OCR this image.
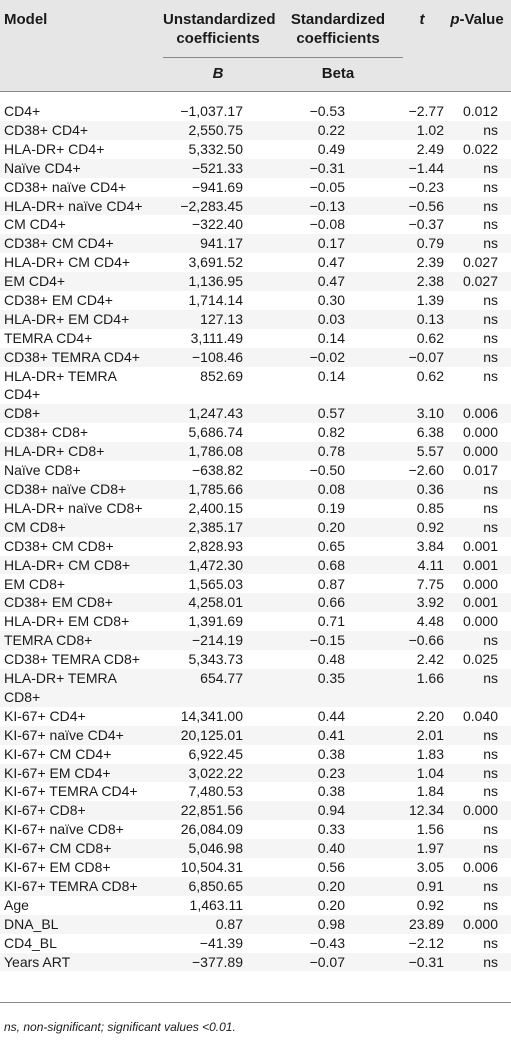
Model	Unstandardized
coefficients
Standardized
coefficients
t	p-Value
B	Beta
CD4+	−1,037.17	−0.53	−2.77 0.012
CD38+ CD4+	2,550.75	0.22	1.02	ns
HLA-DR+ CD4+	5,332.50	0.49	2.49 0.022
Naïve CD4+	−521.33	−0.31	−1.44	ns
CD38+ naïve CD4+	−941.69	−0.05	−0.23	ns
HLA-DR+ naïve CD4+	−2,283.45	−0.13	−0.56	ns
CM CD4+	−322.40	−0.08	−0.37	ns
CD38+ CM CD4+	941.17	0.17	0.79	ns
HLA-DR+ CM CD4+	3,691.52	0.47	2.39 0.027
EM CD4+	1,136.95	0.47	2.38 0.027
CD38+ EM CD4+	1,714.14	0.30	1.39	ns
HLA-DR+ EM CD4+	127.13	0.03	0.13	ns
TEMRA CD4+	3,111.49	0.14	0.62	ns
CD38+ TEMRA CD4+	−108.46	−0.02	−0.07	ns
HLA-DR+ TEMRA	852.69	0.14	0.62	ns
CD4+
CD8+	1,247.43	0.57	3.10 0.006
CD38+ CD8+	5,686.74	0.82	6.38 0.000
HLA-DR+ CD8+	1,786.08	0.78	5.57 0.000
Naïve CD8+	−638.82	−0.50	−2.60 0.017
CD38+ naïve CD8+	1,785.66	0.08	0.36	ns
HLA-DR+ naïve CD8+	2,400.15	0.19	0.85	ns
CM CD8+	2,385.17	0.20	0.92	ns
CD38+ CM CD8+	2,828.93	0.65	3.84 0.001
HLA-DR+ CM CD8+	1,472.30	0.68	4.11 0.001
EM CD8+	1,565.03	0.87	7.75 0.000
CD38+ EM CD8+	4,258.01	0.66	3.92 0.001
HLA-DR+ EM CD8+	1,391.69	0.71	4.48 0.000
TEMRA CD8+	−214.19	−0.15	−0.66	ns
CD38+ TEMRA CD8+	5,343.73	0.48	2.42 0.025
HLA-DR+ TEMRA	654.77	0.35	1.66	ns
CD8+
KI-67+ CD4+	14,341.00	0.44	2.20 0.040
KI-67+ naïve CD4+	20,125.01	0.41	2.01	ns
KI-67+ CM CD4+	6,922.45	0.38	1.83	ns
KI-67+ EM CD4+	3,022.22	0.23	1.04	ns
KI-67+ TEMRA CD4+	7,480.53	0.38	1.84	ns
KI-67+ CD8+	22,851.56	0.94	12.34 0.000
KI-67+ naïve CD8+	26,084.09	0.33	1.56	ns
KI-67+ CM CD8+	5,046.98	0.40	1.97	ns
KI-67+ EM CD8+	10,504.31	0.56	3.05 0.006
KI-67+ TEMRA CD8+	6,850.65	0.20	0.91	ns
Age	1,463.11	0.20	0.92	ns
DNA_BL	0.87	0.98	23.89 0.000
CD4_BL	−41.39	−0.43	−2.12	ns
Years ART	−377.89	−0.07	−0.31	ns
ns, non-significant; significant values <0.01.
